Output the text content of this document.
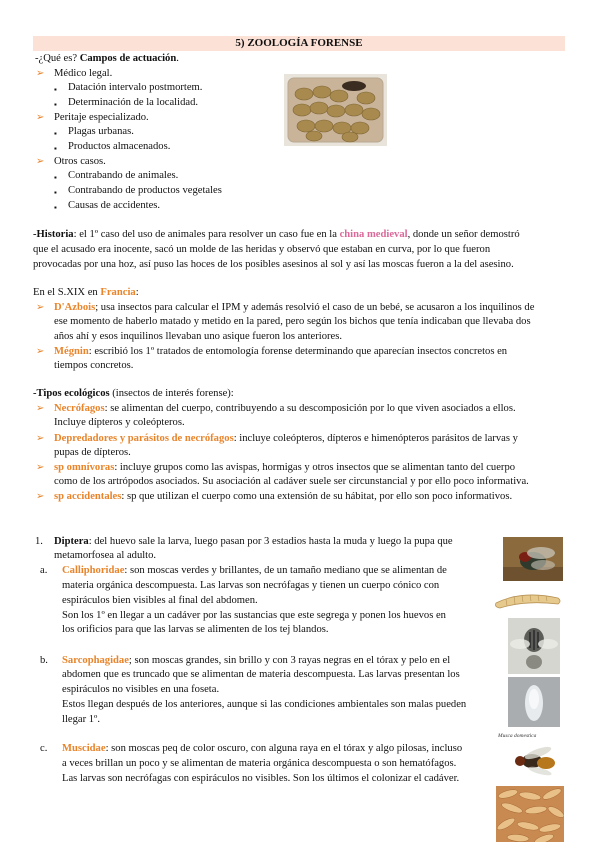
5) ZOOLOGÍA FORENSE
-¿Qué es? Campos de actuación.
➢ Médico legal.
▪ Datación intervalo postmortem.
▪ Determinación de la localidad.
➢ Peritaje especializado.
▪ Plagas urbanas.
▪ Productos almacenados.
➢ Otros casos.
▪ Contrabando de animales.
▪ Contrabando de productos vegetales
▪ Causas de accidentes.
-Historia: el 1º caso del uso de animales para resolver un caso fue en la china medieval, donde un señor demostró
que el acusado era inocente, sacó un molde de las heridas y observó que estaban en curva, por lo que fueron
provocadas por una hoz, así puso las hoces de los posibles asesinos al sol y así las moscas fueron a la del asesino.
En el S.XIX en Francia:
➢ D'Azbois; usa insectos para calcular el IPM y además resolvió el caso de un bebé, se acusaron a los inquilinos de
ese momento de haberlo matado y metido en la pared, pero según los bichos que tenía indicaban que llevaba dos
años ahí y esos inquilinos llevaban uno asique fueron los anteriores.
➢ Mégnin: escribió los 1º tratados de entomología forense determinando que aparecían insectos concretos en
tiempos concretos.
-Tipos ecológicos (insectos de interés forense):
➢ Necrófagos: se alimentan del cuerpo, contribuyendo a su descomposición por lo que viven asociados a ellos.
Incluye dípteros y coleópteros.
➢ Depredadores y parásitos de necrófagos: incluye coleópteros, dípteros e himenópteros parásitos de larvas y
pupas de dípteros.
➢ sp omnívoras: incluye grupos como las avispas, hormigas y otros insectos que se alimentan tanto del cuerpo
como de los artrópodos asociados. Su asociación al cadáver suele ser circunstancial y por ello poco informativa.
➢ sp accidentales: sp que utilizan el cuerpo como una extensión de su hábitat, por ello son poco informativos.
1. Diptera: del huevo sale la larva, luego pasan por 3 estadios hasta la muda y luego la pupa que
metamorfosea al adulto.
a. Calliphoridae: son moscas verdes y brillantes, de un tamaño mediano que se alimentan de
materia orgánica descompuesta. Las larvas son necrófagas y tienen un cuerpo cónico con
espiráculos bien visibles al final del abdomen.
Son los 1º en llegar a un cadáver por las sustancias que este segrega y ponen los huevos en
los orificios para que las larvas se alimenten de los tej blandos.
b. Sarcophagidae; son moscas grandes, sin brillo y con 3 rayas negras en el tórax y pelo en el
abdomen que es truncado que se alimentan de materia descompuesta. Las larvas presentan los
espiráculos no visibles en una foseta.
Estos llegan después de los anteriores, aunque si las condiciones ambientales son malas pueden
llegar 1º.
c. Muscidae: son moscas peq de color oscuro, con alguna raya en el tórax y algo pilosas, incluso
a veces brillan un poco y se alimentan de materia orgánica descompuesta o son hematófagos.
Las larvas son necrófagas con espiráculos no visibles. Son los últimos el colonizar el cadáver.
Musca domestica
